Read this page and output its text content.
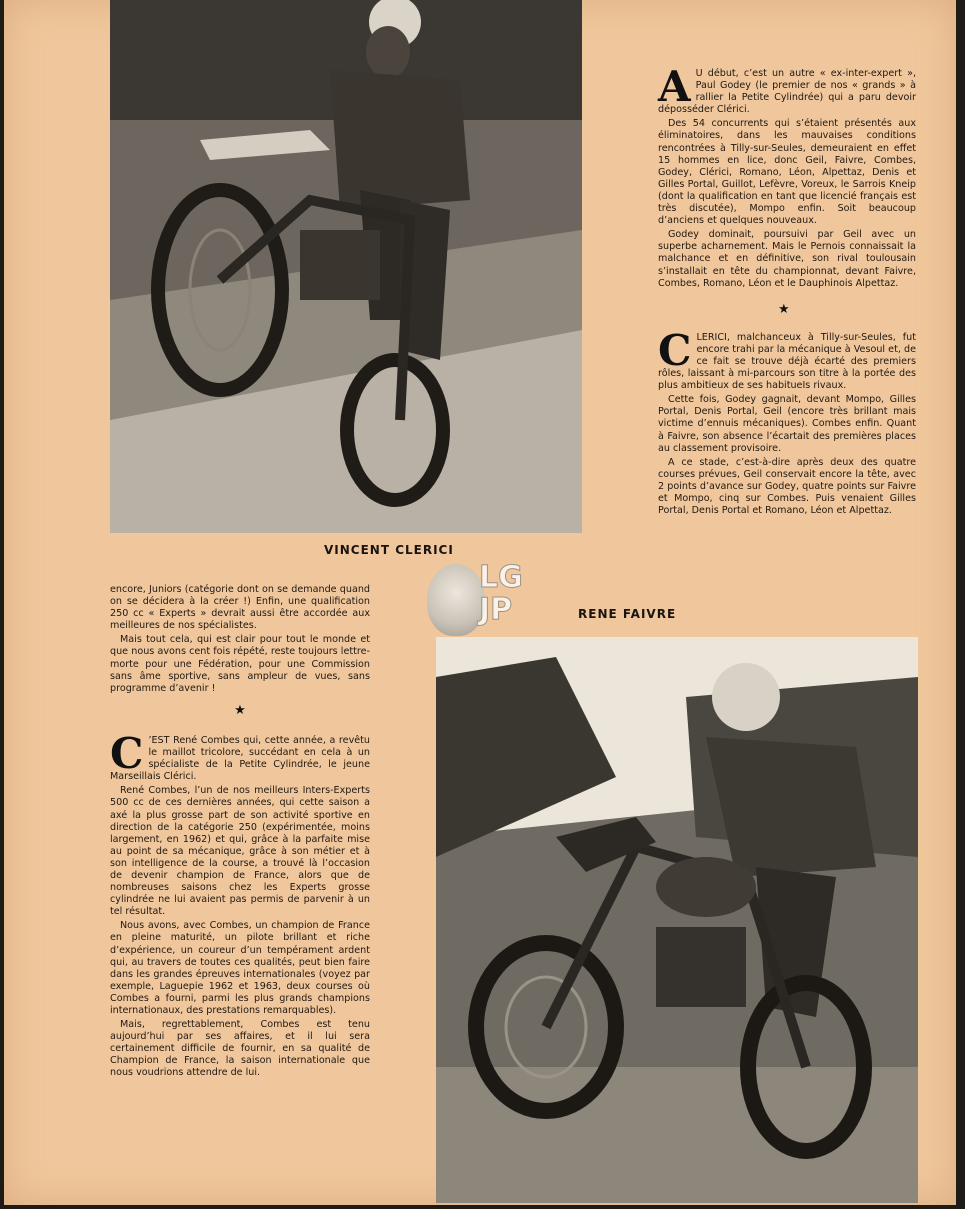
A U début, c’est un autre « ex-inter-expert », Paul Godey (le premier de nos « grands » à rallier la Petite Cylindrée) qui a paru devoir déposséder Clérici.

Des 54 concurrents qui s’étaient présentés aux éliminatoires, dans les mauvaises conditions rencontrées à Tilly-sur-Seules, demeuraient en effet 15 hommes en lice, donc Geil, Faivre, Combes, Godey, Clérici, Romano, Léon, Alpettaz, Denis et Gilles Portal, Guillot, Lefèvre, Voreux, le Sarrois Kneip (dont la qualification en tant que licencié français est très discutée), Mompo enfin. Soit beaucoup d’anciens et quelques nouveaux.

Godey dominait, poursuivi par Geil avec un superbe acharnement. Mais le Pernois connaissait la malchance et en définitive, son rival toulousain s’installait en tête du championnat, devant Faivre, Combes, Romano, Léon et le Dauphinois Alpettaz.

★

CLERICI, malchanceux à Tilly-sur-Seules, fut encore trahi par la mécanique à Vesoul et, de ce fait se trouve déjà écarté des premiers rôles, laissant à mi-parcours son titre à la portée des plus ambitieux de ses habitueIs rivaux.

Cette fois, Godey gagnait, devant Mompo, Gilles Portal, Denis Portal, Geil (encore très brillant mais victime d’ennuis mécaniques). Combes enfin. Quant à Faivre, son absence l’écartait des premières places au classement provisoire.

A ce stade, c’est-à-dire après deux des quatre courses prévues, Geil conservait encore la tête, avec 2 points d’avance sur Godey, quatre points sur Faivre et Mompo, cinq sur Combes. Puis venaient Gilles Portal, Denis Portal et Romano, Léon et Alpettaz.

VINCENT CLERICI
LG
JP	RENE FAIVRE

encore, Juniors (catégorie dont on se demande quand on se décidera à la créer !) Enfin, une qualification 250 cc « Experts » devrait aussi être accordée aux meilleures de nos spécialistes.

Mais tout cela, qui est clair pour tout le monde et que nous avons cent fois répété, reste toujours lettre-morte pour une Fédération, pour une Commission sans âme sportive, sans ampleur de vues, sans programme d’avenir !

★

C ’EST René Combes qui, cette année, a revêtu le maillot tricolore, succédant en cela à un spécialiste de la Petite Cylindrée, le jeune Marseillais Clérici.

René Combes, l’un de nos meilleurs Inters-Experts 500 cc de ces dernières années, qui cette saison a axé la plus grosse part de son activité sportive en direction de la catégorie 250 (expérimentée, moins largement, en 1962) et qui, grâce à la parfaite mise au point de sa mécanique, grâce à son métier et à son intelligence de la course, a trouvé là l’occasion de devenir champion de France, alors que de nombreuses saisons chez les Experts grosse cylindrée ne lui avaient pas permis de parvenir à un tel résultat.

Nous avons, avec Combes, un champion de France en pleine maturité, un pilote brillant et riche d’expérience, un coureur d’un tempérament ardent qui, au travers de toutes ces qualités, peut bien faire dans les grandes épreuves internationales (voyez par exemple, Laguepie 1962 et 1963, deux courses où Combes a fourni, parmi les plus grands champions internationaux, des prestations remarquables).

Mais, regrettablement, Combes est tenu aujourd’hui par ses affaires, et il lui sera certainement difficile de fournir, en sa qualité de Champion de France, la saison internationale que nous voudrions attendre de lui.
